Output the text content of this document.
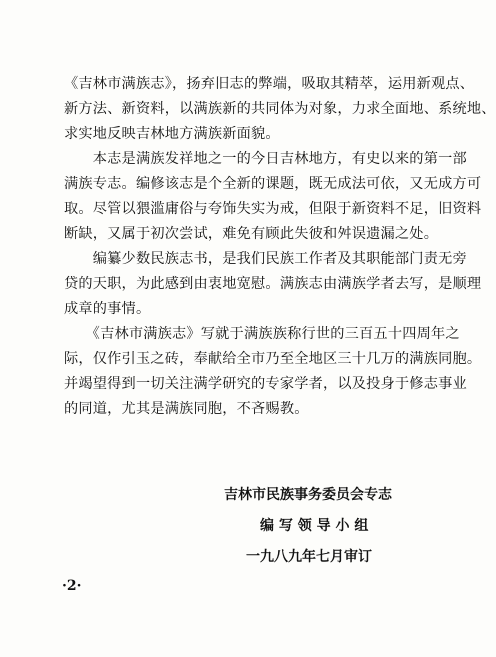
《吉林市满族志》，扬弃旧志的弊端，吸取其精萃，运用新观点、
新方法、新资料，以满族新的共同体为对象，力求全面地、系统地、
求实地反映吉林地方满族新面貌。

　　本志是满族发祥地之一的今日吉林地方，有史以来的第一部
满族专志。编修该志是个全新的课题，既无成法可依，又无成方可
取。尽管以猥滥庸俗与夸饰失实为戒，但限于新资料不足，旧资料
断缺，又属于初次尝试，难免有顾此失彼和舛误遗漏之处。

　　编纂少数民族志书，是我们民族工作者及其职能部门责无旁
贷的天职，为此感到由衷地宽慰。满族志由满族学者去写，是顺理
成章的事情。

　　《吉林市满族志》写就于满族族称行世的三百五十四周年之
际，仅作引玉之砖，奉献给全市乃至全地区三十几万的满族同胞。
并竭望得到一切关注满学研究的专家学者，以及投身于修志事业
的同道，尤其是满族同胞，不吝赐教。

吉林市民族事务委员会专志
编 写 领 导 小 组
一九八九年七月审订
·2·
